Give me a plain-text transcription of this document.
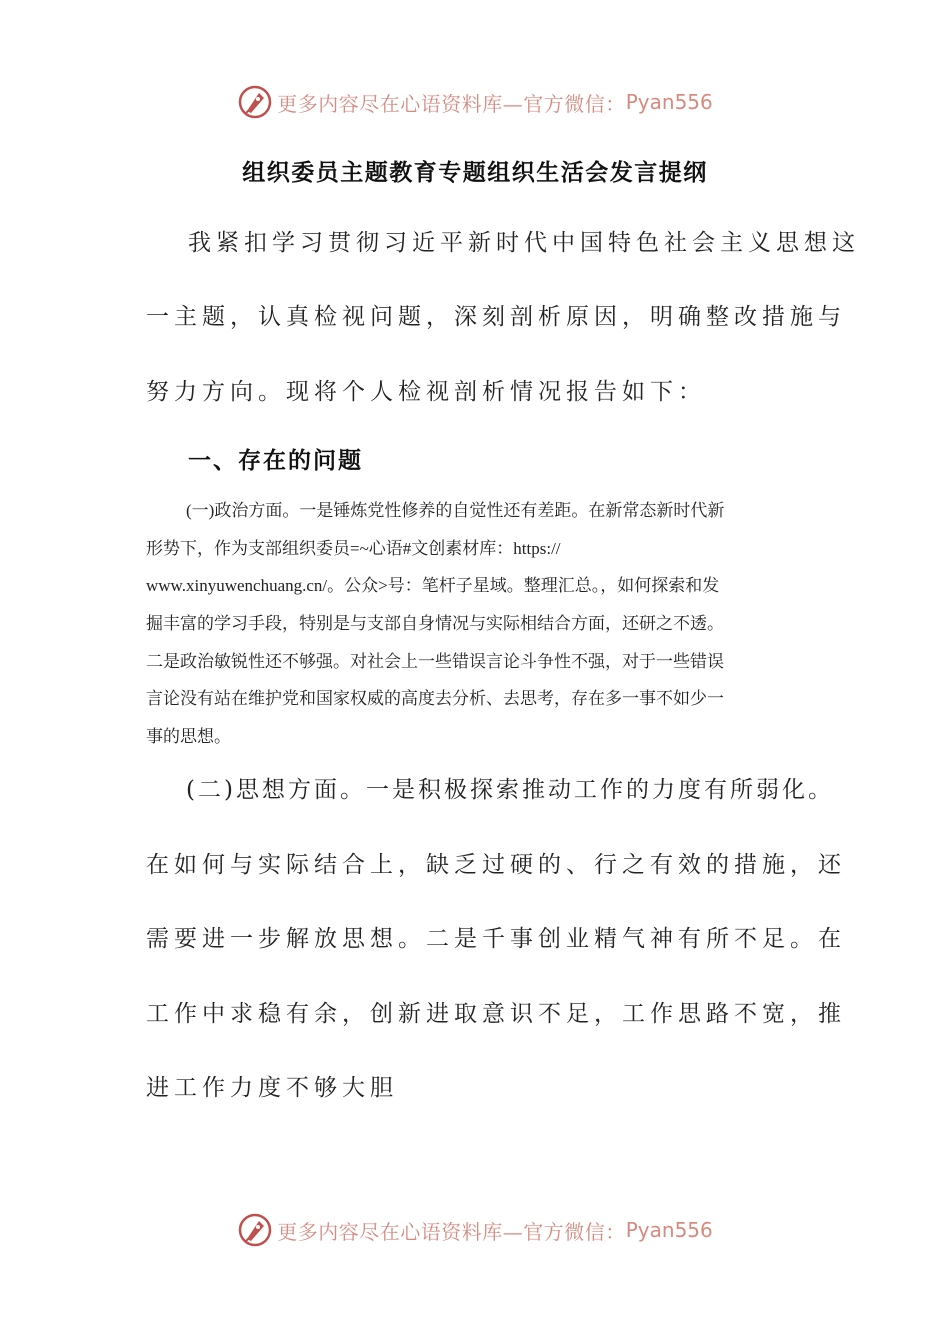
更多内容尽在心语资料库—官方微信： Pyan556
组织委员主题教育专题组织生活会发言提纲
我紧扣学习贯彻习近平新时代中国特色社会主义思想这
一主题，认真检视问题，深刻剖析原因，明确整改措施与
努力方向。现将个人检视剖析情况报告如下：
一、存在的问题
(一)政治方面。一是锤炼党性修养的自觉性还有差距。在新常态新时代新
形势下，作为支部组织委员=~心语#文创素材库：https://
www.xinyuwenchuang.cn/。公众>号：笔杆子星域。整理汇总。，如何探索和发
掘丰富的学习手段，特别是与支部自身情况与实际相结合方面，还研之不透。
二是政治敏锐性还不够强。对社会上一些错误言论斗争性不强，对于一些错误
言论没有站在维护党和国家权威的高度去分析、去思考，存在多一事不如少一
事的思想。
(二)思想方面。一是积极探索推动工作的力度有所弱化。
在如何与实际结合上，缺乏过硬的、行之有效的措施，还
需要进一步解放思想。二是千事创业精气神有所不足。在
工作中求稳有余，创新进取意识不足，工作思路不宽，推
进工作力度不够大胆
更多内容尽在心语资料库—官方微信： Pyan556
